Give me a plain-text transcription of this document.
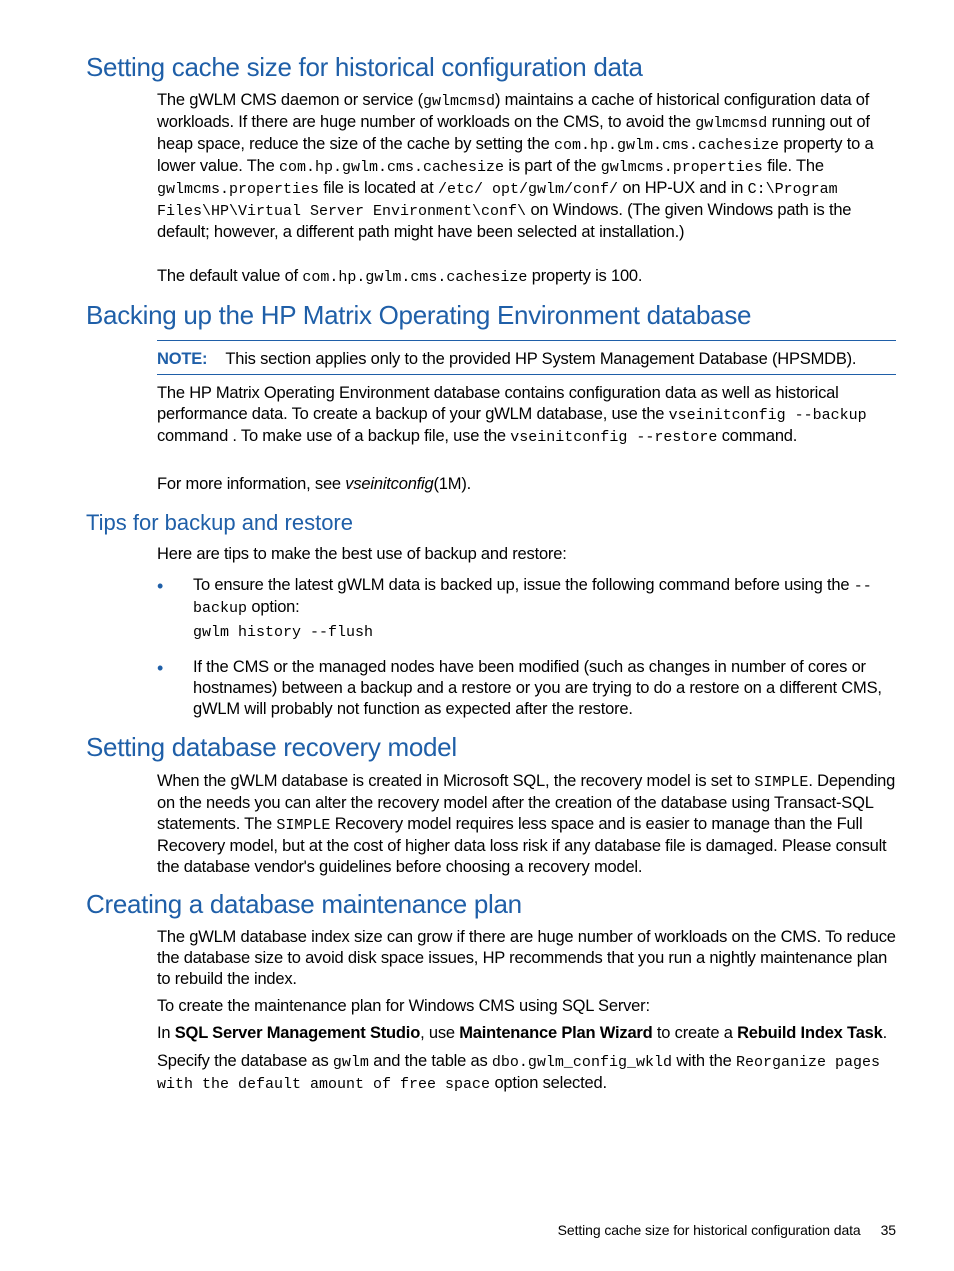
Setting cache size for historical configuration data

The gWLM CMS daemon or service (gwlmcmsd) maintains a cache of historical configuration data of workloads. If there are huge number of workloads on the CMS, to avoid the gwlmcmsd running out of heap space, reduce the size of the cache by setting the com.hp.gwlm.cms.cachesize property to a lower value. The com.hp.gwlm.cms.cachesize is part of the gwlmcms.properties file. The gwlmcms.properties file is located at /etc/ opt/gwlm/conf/ on HP-UX and in C:\Program Files\HP\Virtual Server Environment\conf\ on Windows. (The given Windows path is the default; however, a different path might have been selected at installation.)

The default value of com.hp.gwlm.cms.cachesize property is 100.

Backing up the HP Matrix Operating Environment database

NOTE: This section applies only to the provided HP System Management Database (HPSMDB).

The HP Matrix Operating Environment database contains configuration data as well as historical performance data. To create a backup of your gWLM database, use the vseinitconfig --backup command . To make use of a backup file, use the vseinitconfig --restore command.

For more information, see vseinitconfig(1M).

Tips for backup and restore

Here are tips to make the best use of backup and restore:

• To ensure the latest gWLM data is backed up, issue the following command before using the --backup option:

gwlm history --flush
• If the CMS or the managed nodes have been modified (such as changes in number of cores or hostnames) between a backup and a restore or you are trying to do a restore on a different CMS, gWLM will probably not function as expected after the restore.

Setting database recovery model

When the gWLM database is created in Microsoft SQL, the recovery model is set to SIMPLE. Depending on the needs you can alter the recovery model after the creation of the database using Transact-SQL statements. The SIMPLE Recovery model requires less space and is easier to manage than the Full Recovery model, but at the cost of higher data loss risk if any database file is damaged. Please consult the database vendor's guidelines before choosing a recovery model.

Creating a database maintenance plan

The gWLM database index size can grow if there are huge number of workloads on the CMS. To reduce the database size to avoid disk space issues, HP recommends that you run a nightly maintenance plan to rebuild the index.

To create the maintenance plan for Windows CMS using SQL Server:

In SQL Server Management Studio, use Maintenance Plan Wizard to create a Rebuild Index Task.

Specify the database as gwlm and the table as dbo.gwlm_config_wkld with the Reorganize pages with the default amount of free space option selected.

Setting cache size for historical configuration data 35
